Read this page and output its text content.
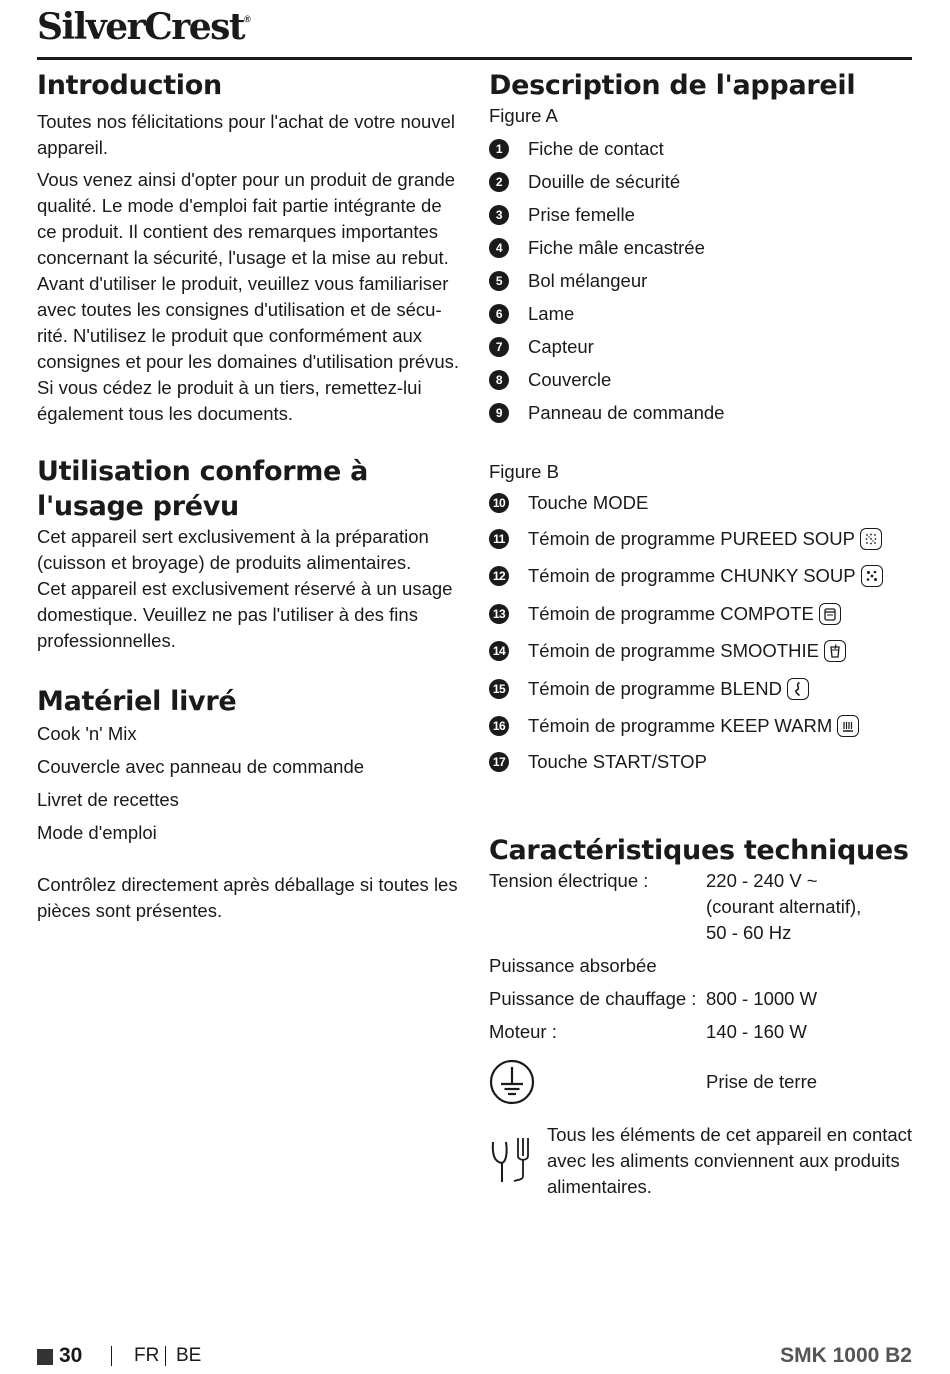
SilverCrest®
Introduction

Toutes nos félicitations pour l'achat de votre nouvel appareil.

Vous venez ainsi d'opter pour un produit de grande qualité. Le mode d'emploi fait partie intégrante de ce produit. Il contient des remarques importantes concernant la sécurité, l'usage et la mise au rebut. Avant d'utiliser le produit, veuillez vous familiariser avec toutes les consignes d'utilisation et de sécurité. N'utilisez le produit que conformément aux consignes et pour les domaines d'utilisation prévus. Si vous cédez le produit à un tiers, remettez-lui également tous les documents.

Utilisation conforme à l'usage prévu

Cet appareil sert exclusivement à la préparation (cuisson et broyage) de produits alimentaires.

Cet appareil est exclusivement réservé à un usage domestique. Veuillez ne pas l'utiliser à des fins professionnelles.

Matériel livré
Cook 'n' Mix
Couvercle avec panneau de commande
Livret de recettes
Mode d'emploi

Contrôlez directement après déballage si toutes les pièces sont présentes.

Description de l'appareil

Figure A

1	Fiche de contact
2	Douille de sécurité
3	Prise femelle
4	Fiche mâle encastrée
5	Bol mélangeur
6	Lame
7	Capteur
8	Couvercle
9	Panneau de commande

Figure B

10 Touche MODE
11 Témoin de programme PUREED SOUP
12 Témoin de programme CHUNKY SOUP
13 Témoin de programme COMPOTE
14 Témoin de programme SMOOTHIE
15 Témoin de programme BLEND
16 Témoin de programme KEEP WARM
17 Touche START/STOP
Caractéristiques techniques
Tension électrique :	220 - 240 V ~
(courant alternatif),
50 - 60 Hz
Puissance absorbée
Puissance de chauffage : 800 - 1000 W
Moteur :	140 - 160 W
Prise de terre

Tous les éléments de cet appareil en contact avec les aliments conviennent aux produits alimentaires.

30	FR BE	SMK 1000 B2
